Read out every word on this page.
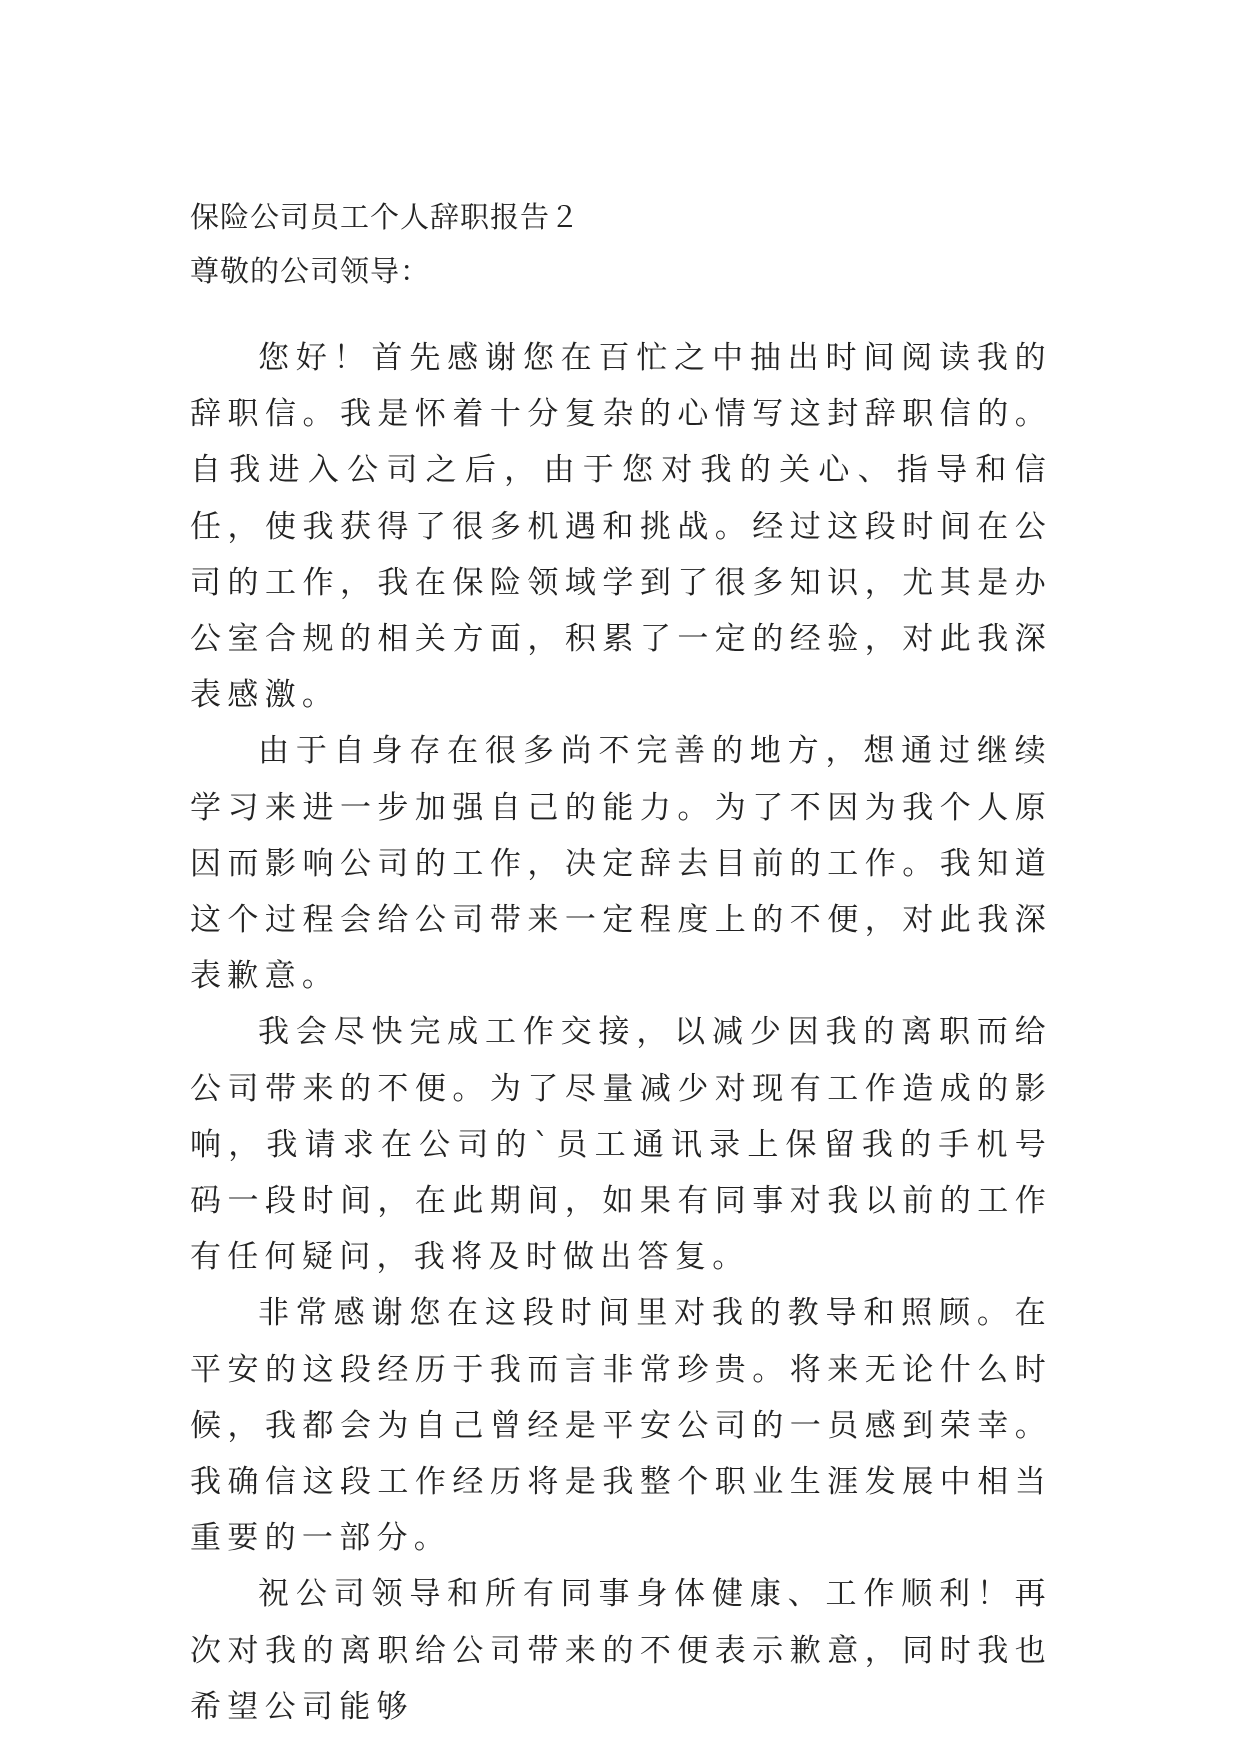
保险公司员工个人辞职报告２
尊敬的公司领导：

您好！首先感谢您在百忙之中抽出时间阅读我的辞职信。我是怀着十分复杂的心情写这封辞职信的。自我进入公司之后，由于您对我的关心、指导和信任，使我获得了很多机遇和挑战。经过这段时间在公司的工作，我在保险领域学到了很多知识，尤其是办公室合规的相关方面，积累了一定的经验，对此我深表感激。

由于自身存在很多尚不完善的地方，想通过继续学习来进一步加强自己的能力。为了不因为我个人原因而影响公司的工作，决定辞去目前的工作。我知道这个过程会给公司带来一定程度上的不便，对此我深表歉意。

我会尽快完成工作交接，以减少因我的离职而给公司带来的不便。为了尽量减少对现有工作造成的影响，我请求在公司的`员工通讯录上保留我的手机号码一段时间，在此期间，如果有同事对我以前的工作有任何疑问，我将及时做出答复。

非常感谢您在这段时间里对我的教导和照顾。在平安的这段经历于我而言非常珍贵。将来无论什么时候，我都会为自己曾经是平安公司的一员感到荣幸。我确信这段工作经历将是我整个职业生涯发展中相当重要的一部分。

祝公司领导和所有同事身体健康、工作顺利！再次对我的离职给公司带来的不便表示歉意，同时我也希望公司能够
